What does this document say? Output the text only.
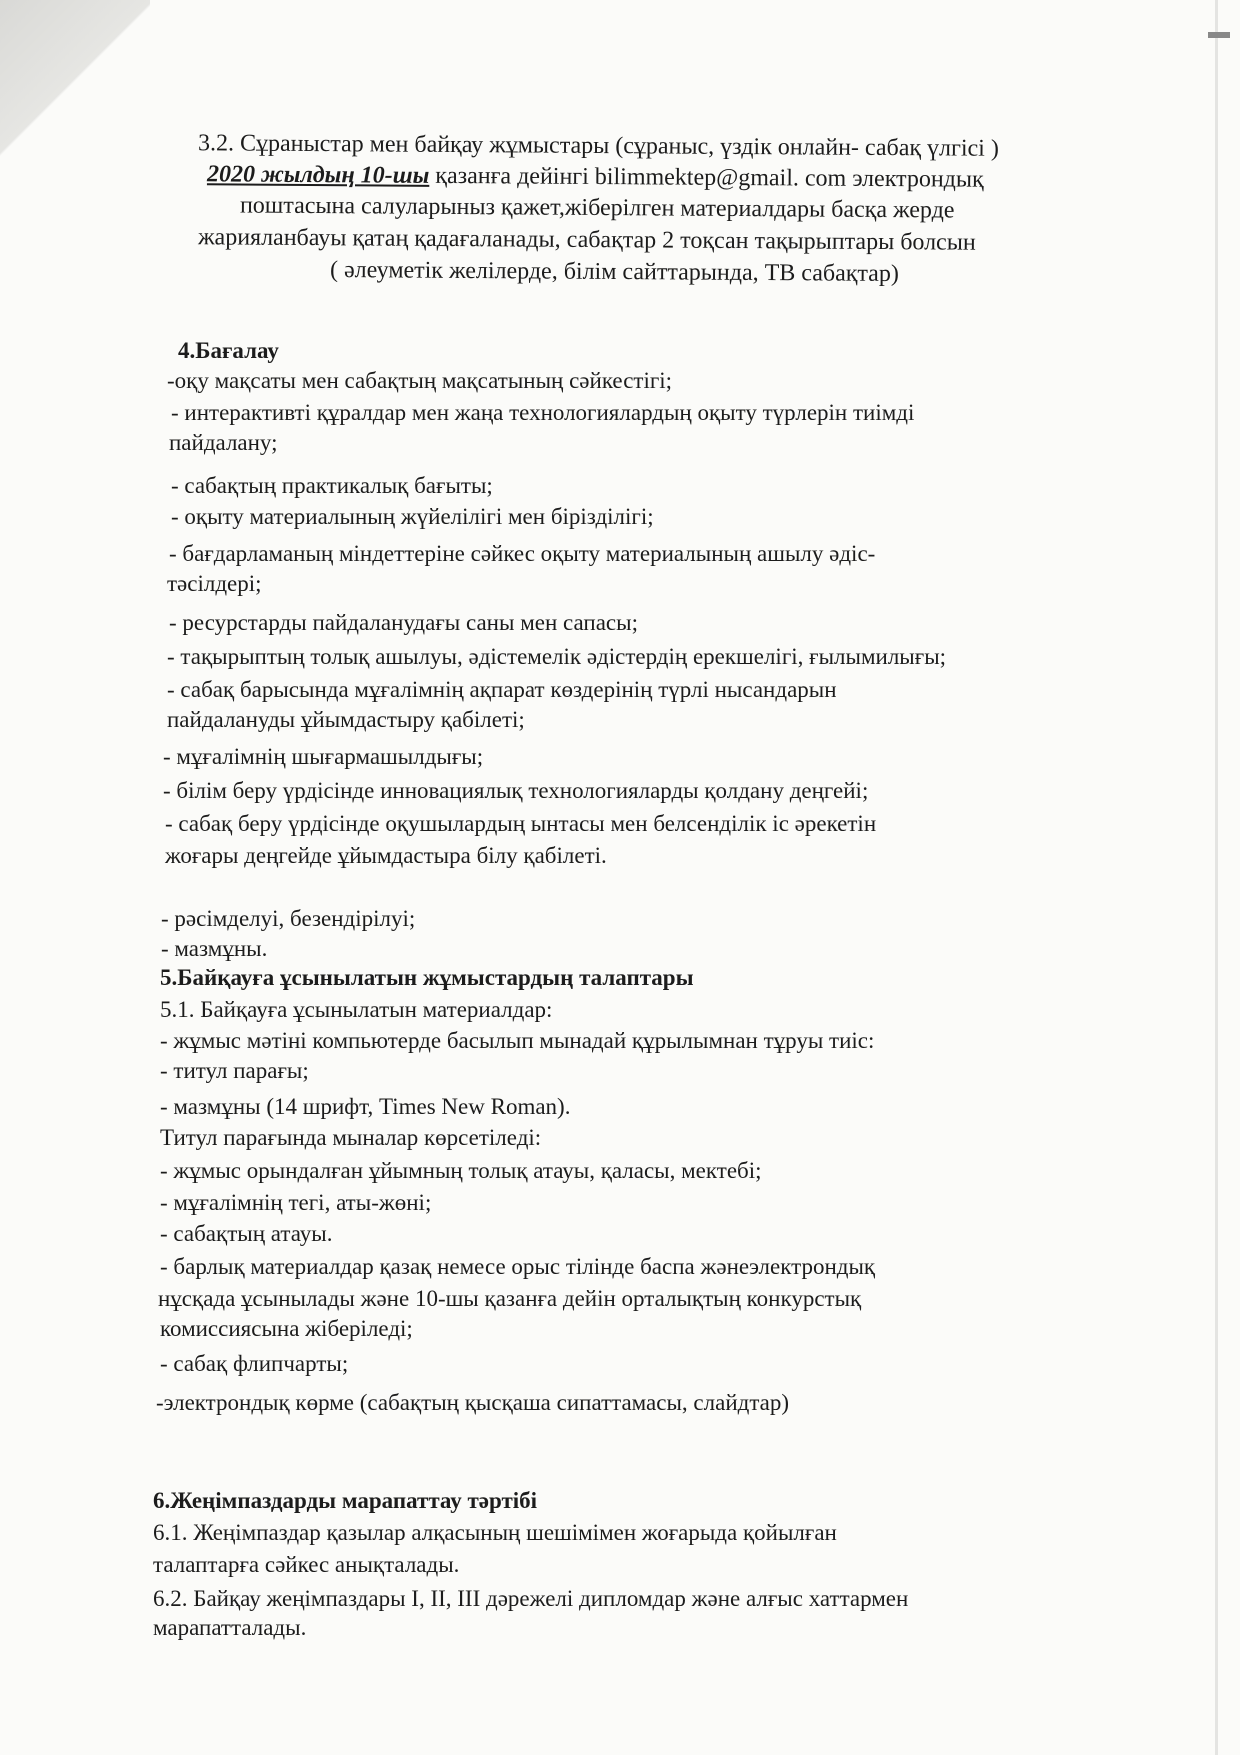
3.2. Сұраныстар мен байқау жұмыстары (сұраныс, үздік онлайн- сабақ үлгісі )
2020 жылдың 10-шы қазанға дейінгі bilimmektep@gmail. com электрондық
поштасына салуларыныз қажет,жіберілген материалдары басқа жерде
жарияланбауы қатаң қадағаланады, сабақтар 2 тоқсан тақырыптары болсын
( әлеуметік желілерде, білім сайттарында, ТВ сабақтар)
4.Бағалау
-оқу мақсаты мен сабақтың мақсатының сәйкестігі;
- интерактивті құралдар мен жаңа технологиялардың оқыту түрлерін тиімді
пайдалану;
- сабақтың практикалық бағыты;
- оқыту материалының жүйелілігі мен бірізділігі;
- бағдарламаның міндеттеріне сәйкес оқыту материалының ашылу әдіс-
тәсілдері;
- ресурстарды пайдаланудағы саны мен сапасы;
- тақырыптың толық ашылуы, әдістемелік әдістердің ерекшелігі, ғылымилығы;
- сабақ барысында мұғалімнің ақпарат көздерінің түрлі нысандарын
пайдалануды ұйымдастыру қабілеті;
- мұғалімнің шығармашылдығы;
- білім беру үрдісінде инновациялық технологияларды қолдану деңгейі;
- сабақ беру үрдісінде оқушылардың ынтасы мен белсенділік іс әрекетін
жоғары деңгейде ұйымдастыра білу қабілеті.
- рәсімделуі, безендірілуі;
- мазмұны.
5.Байқауға ұсынылатын жұмыстардың талаптары
5.1. Байқауға ұсынылатын материалдар:
- жұмыс мәтіні компьютерде басылып мынадай құрылымнан тұруы тиіс:
- титул парағы;
- мазмұны (14 шрифт, Times New Roman).
Титул парағында мыналар көрсетіледі:
- жұмыс орындалған ұйымның толық атауы, қаласы, мектебі;
- мұғалімнің тегі, аты-жөні;
- сабақтың атауы.
- барлық материалдар қазақ немесе орыс тілінде баспа жәнеэлектрондық
нұсқада ұсынылады және 10-шы қазанға дейін орталықтың конкурстық
комиссиясына жіберіледі;
- сабақ флипчарты;
-электрондық көрме (сабақтың қысқаша сипаттамасы, слайдтар)
6.Жеңімпаздарды марапаттау тәртібі
6.1. Жеңімпаздар қазылар алқасының шешімімен жоғарыда қойылған
талаптарға сәйкес анықталады.
6.2. Байқау жеңімпаздары I, II, III дәрежелі дипломдар және алғыс хаттармен
марапатталады.
